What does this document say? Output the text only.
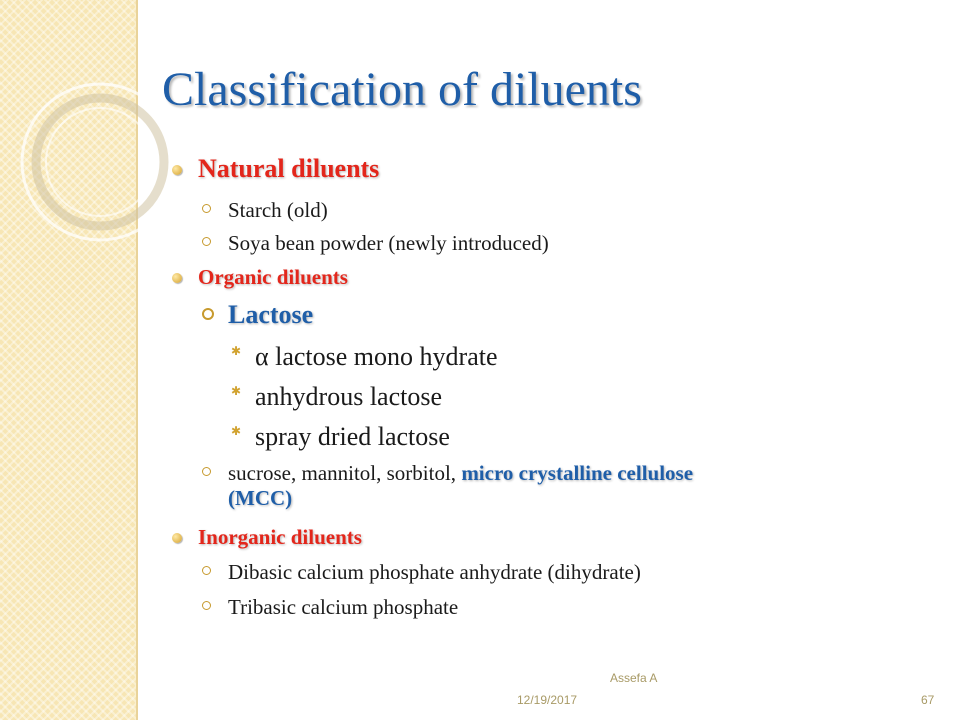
Classification of diluents
Natural diluents
Starch (old)
Soya bean powder (newly introduced)
Organic diluents
Lactose
✱ α lactose mono hydrate
✱ anhydrous lactose
✱ spray dried lactose
sucrose, mannitol, sorbitol, micro crystalline cellulose
(MCC)
Inorganic diluents
Dibasic calcium phosphate anhydrate (dihydrate)
Tribasic calcium phosphate
Assefa A
12/19/2017	67
